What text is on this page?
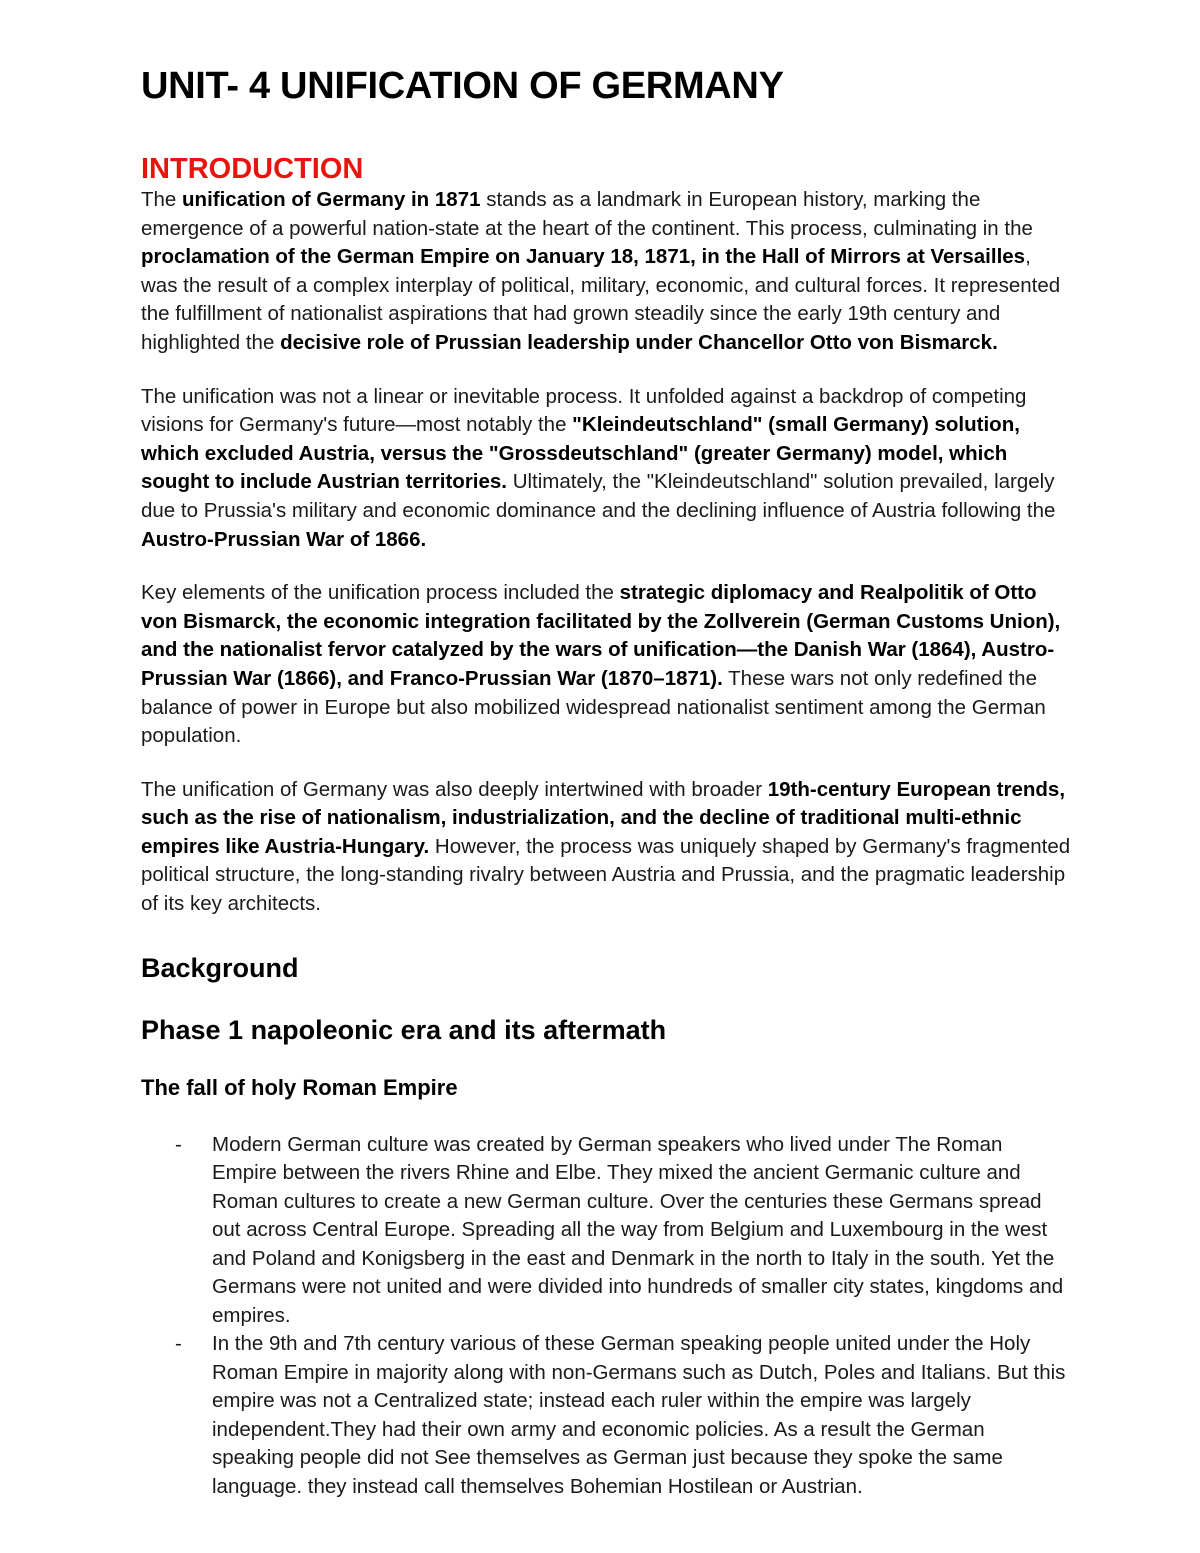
UNIT- 4 UNIFICATION OF GERMANY
INTRODUCTION

The unification of Germany in 1871 stands as a landmark in European history, marking the emergence of a powerful nation-state at the heart of the continent. This process, culminating in the proclamation of the German Empire on January 18, 1871, in the Hall of Mirrors at Versailles, was the result of a complex interplay of political, military, economic, and cultural forces. It represented the fulfillment of nationalist aspirations that had grown steadily since the early 19th century and highlighted the decisive role of Prussian leadership under Chancellor Otto von Bismarck.

The unification was not a linear or inevitable process. It unfolded against a backdrop of competing visions for Germany's future—most notably the "Kleindeutschland" (small Germany) solution, which excluded Austria, versus the "Grossdeutschland" (greater Germany) model, which sought to include Austrian territories. Ultimately, the "Kleindeutschland" solution prevailed, largely due to Prussia's military and economic dominance and the declining influence of Austria following the Austro-Prussian War of 1866.

Key elements of the unification process included the strategic diplomacy and Realpolitik of Otto von Bismarck, the economic integration facilitated by the Zollverein (German Customs Union), and the nationalist fervor catalyzed by the wars of unification—the Danish War (1864), Austro-Prussian War (1866), and Franco-Prussian War (1870–1871). These wars not only redefined the balance of power in Europe but also mobilized widespread nationalist sentiment among the German population.

The unification of Germany was also deeply intertwined with broader 19th-century European trends, such as the rise of nationalism, industrialization, and the decline of traditional multi-ethnic empires like Austria-Hungary. However, the process was uniquely shaped by Germany's fragmented political structure, the long-standing rivalry between Austria and Prussia, and the pragmatic leadership of its key architects.

Background
Phase 1 napoleonic era and its aftermath
The fall of holy Roman Empire
- Modern German culture was created by German speakers who lived under The Roman Empire between the rivers Rhine and Elbe. They mixed the ancient Germanic culture and Roman cultures to create a new German culture. Over the centuries these Germans spread out across Central Europe. Spreading all the way from Belgium and Luxembourg in the west and Poland and Konigsberg in the east and Denmark in the north to Italy in the south. Yet the Germans were not united and were divided into hundreds of smaller city states, kingdoms and empires.
- In the 9th and 7th century various of these German speaking people united under the Holy Roman Empire in majority along with non-Germans such as Dutch, Poles and Italians. But this empire was not a Centralized state; instead each ruler within the empire was largely independent.They had their own army and economic policies. As a result the German speaking people did not See themselves as German just because they spoke the same language. they instead call themselves Bohemian Hostilean or Austrian.
